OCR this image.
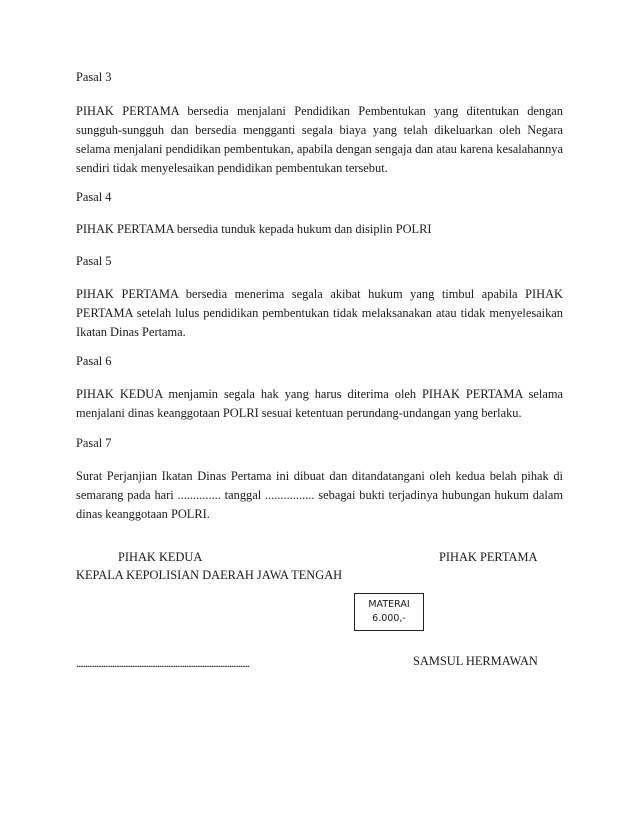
Pasal 3

PIHAK PERTAMA bersedia menjalani Pendidikan Pembentukan yang ditentukan dengan sungguh-sungguh dan bersedia mengganti segala biaya yang telah dikeluarkan oleh Negara selama menjalani pendidikan pembentukan, apabila dengan sengaja dan atau karena kesalahannya sendiri tidak menyelesaikan pendidikan pembentukan tersebut.

Pasal 4

PIHAK PERTAMA bersedia tunduk kepada hukum dan disiplin POLRI

Pasal 5

PIHAK PERTAMA bersedia menerima segala akibat hukum yang timbul apabila PIHAK PERTAMA setelah lulus pendidikan pembentukan tidak melaksanakan atau tidak menyelesaikan Ikatan Dinas Pertama.

Pasal 6

PIHAK KEDUA menjamin segala hak yang harus diterima oleh PIHAK PERTAMA selama menjalani dinas keanggotaan POLRI sesuai ketentuan perundang-undangan yang berlaku.

Pasal 7

Surat Perjanjian Ikatan Dinas Pertama ini dibuat dan ditandatangani oleh kedua belah pihak di semarang pada hari .............. tanggal ................ sebagai bukti terjadinya hubungan hukum dalam dinas keanggotaan POLRI.

PIHAK KEDUA	PIHAK PERTAMA

KEPALA KEPOLISIAN DAERAH JAWA TENGAH

MATERAI
6.000,-
................................................................................................	SAMSUL HERMAWAN
